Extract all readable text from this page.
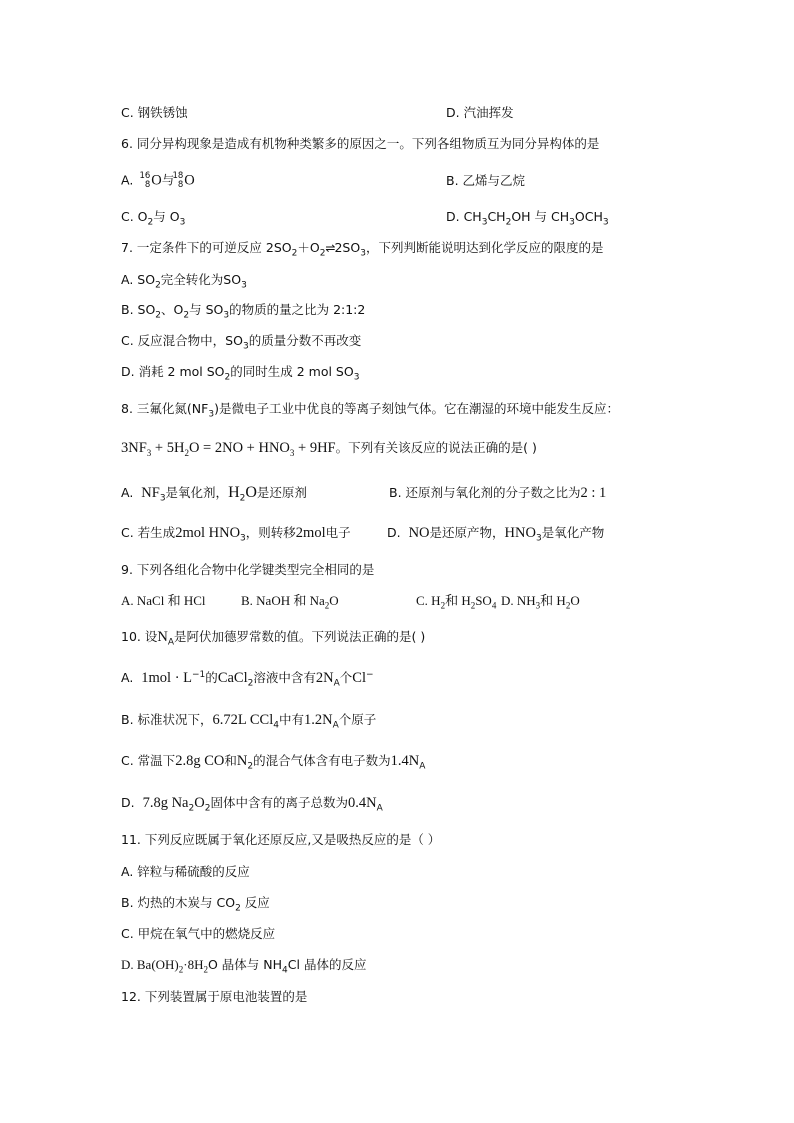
C. 钢铁锈蚀	D. 汽油挥发
6. 同分异构现象是造成有机物种类繁多的原因之一。下列各组物质互为同分异构体的是
A. 16
8 O与
18
8 O	B. 乙烯与乙烷
C. $O_2$与 $O_3$	D. $CH_3CH_2OH$ 与 $CH_3OCH_3$
7. 一定条件下的可逆反应 $2SO_2+O_2\rightleftharpoons 2SO_3$，下列判断能说明达到化学反应的限度的是
A. $SO_2$完全转化为$SO_3$
B. $SO_2$、$O_2$与 $SO_3$的物质的量之比为 2:1:2
C. 反应混合物中，$SO_3$的质量分数不再改变
D. 消耗 2 mol $SO_2$的同时生成 2 mol $SO_3$
8. 三氟化氮$(NF_3)$是微电子工业中优良的等离子刻蚀气体。它在潮湿的环境中能发生反应：
$3NF_3 + 5H_2O = 2NO + HNO_3 + 9HF$。下列有关该反应的说法正确的是( )
A. $NF_3$是氧化剂，$H_2O$是还原剂	B. 还原剂与氧化剂的分子数之比为2 : 1
C. 若生成2mol $HNO_3$，则转移2mol电子	D. NO是还原产物，$HNO_3$是氧化产物
9. 下列各组化合物中化学键类型完全相同的是
A. NaCl 和 HCl	B. NaOH 和 $Na_2O$	C. $H_2$和 $H_2SO_4$ D. $NH_3$和 $H_2O$
10. 设$N_A$是阿伏加德罗常数的值。下列说法正确的是( )
A. $1mol \cdot L^{-1}$的CaCl$_2$溶液中含有$2N_A$个Cl−
B. 标准状况下，6.72L CCl$_4$中有$1.2N_A$个原子
C. 常温下2.8g CO和$N_2$的混合气体含有电子数为$1.4N_A$
D. 7.8g $Na_2O_2$固体中含有的离子总数为$0.4N_A$
11. 下列反应既属于氧化还原反应,又是吸热反应的是（ ）
A. 锌粒与稀硫酸的反应
B. 灼热的木炭与 $CO_2$ 反应
C. 甲烷在氧气中的燃烧反应
D. $Ba(OH)_2\cdot 8H_2O$ 晶体与 $NH_4Cl$ 晶体的反应
12. 下列装置属于原电池装置的是
